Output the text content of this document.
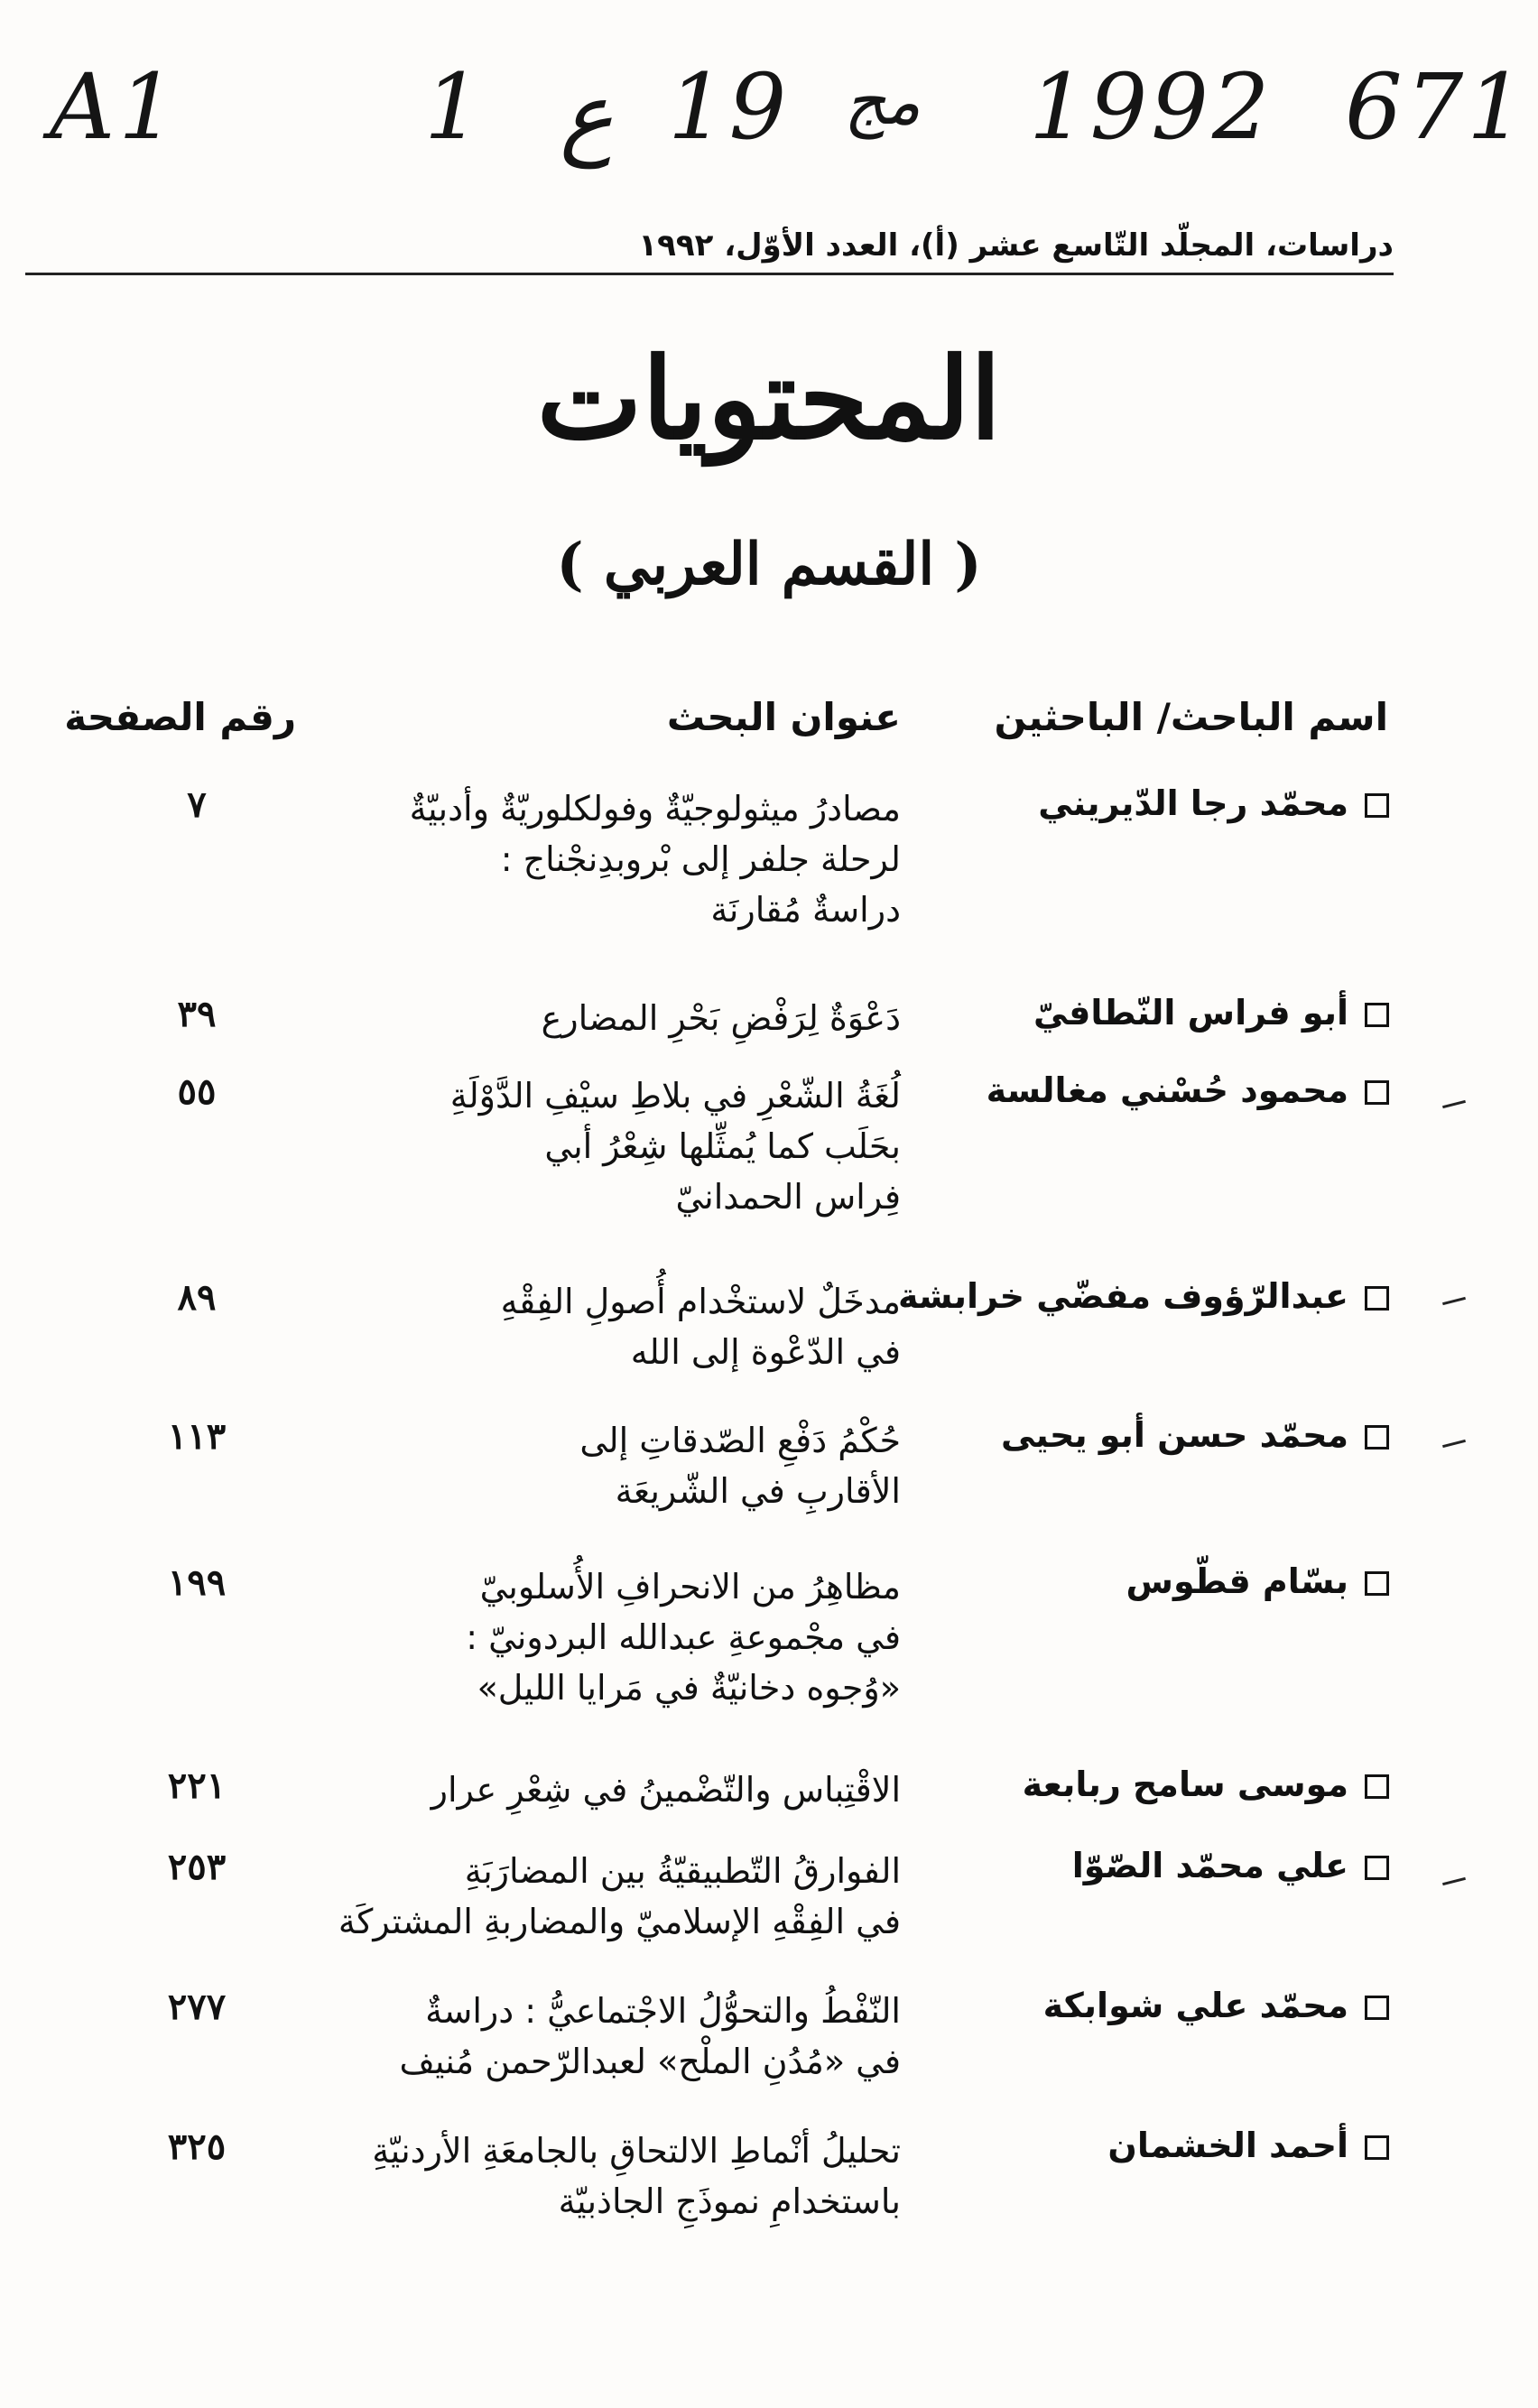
A1	1 ع 19 مج 1992 671
دراسات، المجلّد التّاسع عشر (أ)، العدد الأوّل، ١٩٩٢
المحتويات
( القسم العربي )
اسم الباحث/ الباحثين
عنوان البحث
رقم الصفحة
محمّد رجا الدّيريني
مصادرُ ميثولوجيّةٌ وفولكلوريّةٌ وأدبيّةٌ
لرحلة جلفر إلى بْروبدِنجْناج :
دراسةٌ مُقارنَة
٧
أبو فراس النّطافيّ
دَعْوَةٌ لِرَفْضِ بَحْرِ المضارع
٣٩
محمود حُسْني مغالسة
لُغَةُ الشّعْرِ في بلاطِ سيْفِ الدَّوْلَةِ
بحَلَب كما يُمثِّلها شِعْرُ أبي
فِراس الحمدانيّ
٥٥
عبدالرّؤوف مفضّي خرابشة
مدخَلٌ لاستخْدام أُصولِ الفِقْهِ
في الدّعْوة إلى الله
٨٩
محمّد حسن أبو يحيى
حُكْمُ دَفْعِ الصّدقاتِ إلى
الأقاربِ في الشّريعَة
١١٣
بسّام قطّوس
مظاهِرُ من الانحرافِ الأُسلوبيّ
في مجْموعةِ عبدالله البردونيّ :
«وُجوه دخانيّةٌ في مَرايا الليل»
١٩٩
موسى سامح ربابعة
الاقْتِباس والتّضْمينُ في شِعْرِ عرار
٢٢١
علي محمّد الصّوّا
الفوارقُ التّطبيقيّةُ بين المضارَبَةِ
في الفِقْهِ الإسلاميّ والمضاربةِ المشتركَة
٢٥٣
محمّد علي شوابكة
النّفْطُ والتحوُّلُ الاجْتماعيُّ : دراسةٌ
في «مُدُنِ الملْح» لعبدالرّحمن مُنيف
٢٧٧
أحمد الخشمان
تحليلُ أنْماطِ الالتحاقِ بالجامعَةِ الأردنيّةِ
باستخدامِ نموذَجِ الجاذبيّة
٣٢٥
